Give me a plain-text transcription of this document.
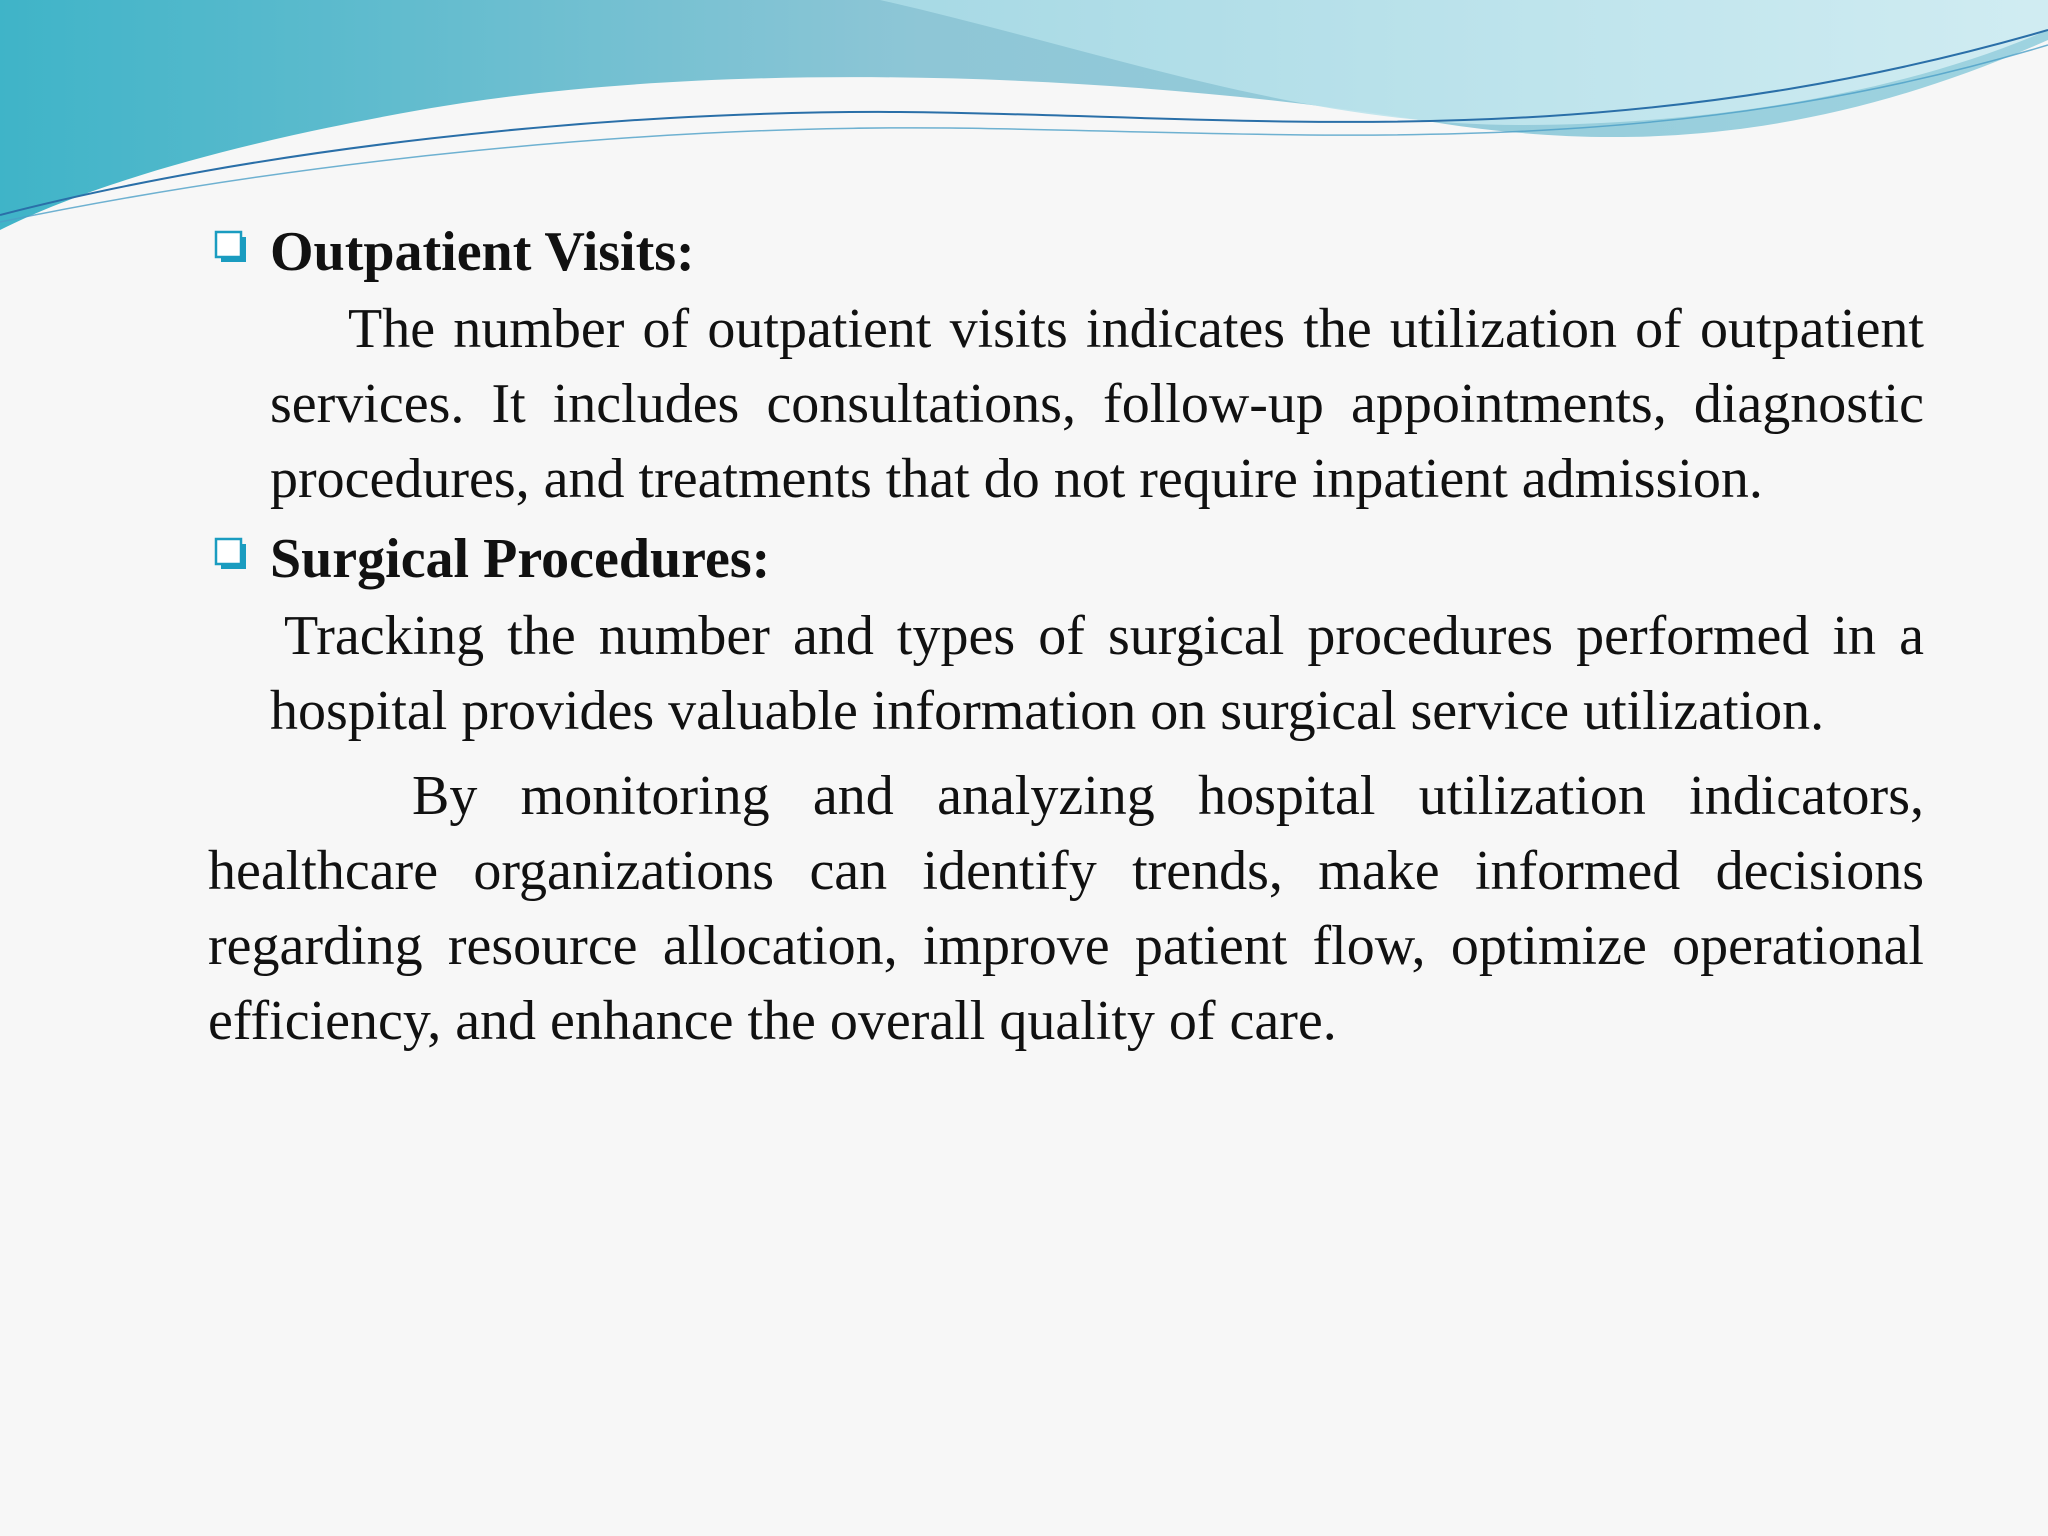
Outpatient Visits:

The number of outpatient visits indicates the utilization of outpatient services. It includes consultations, follow-up appointments, diagnostic procedures, and treatments that do not require inpatient admission.

Surgical Procedures:

Tracking the number and types of surgical procedures performed in a hospital provides valuable information on surgical service utilization.

By monitoring and analyzing hospital utilization indicators, healthcare organizations can identify trends, make informed decisions regarding resource allocation, improve patient flow, optimize operational efficiency, and enhance the overall quality of care.
